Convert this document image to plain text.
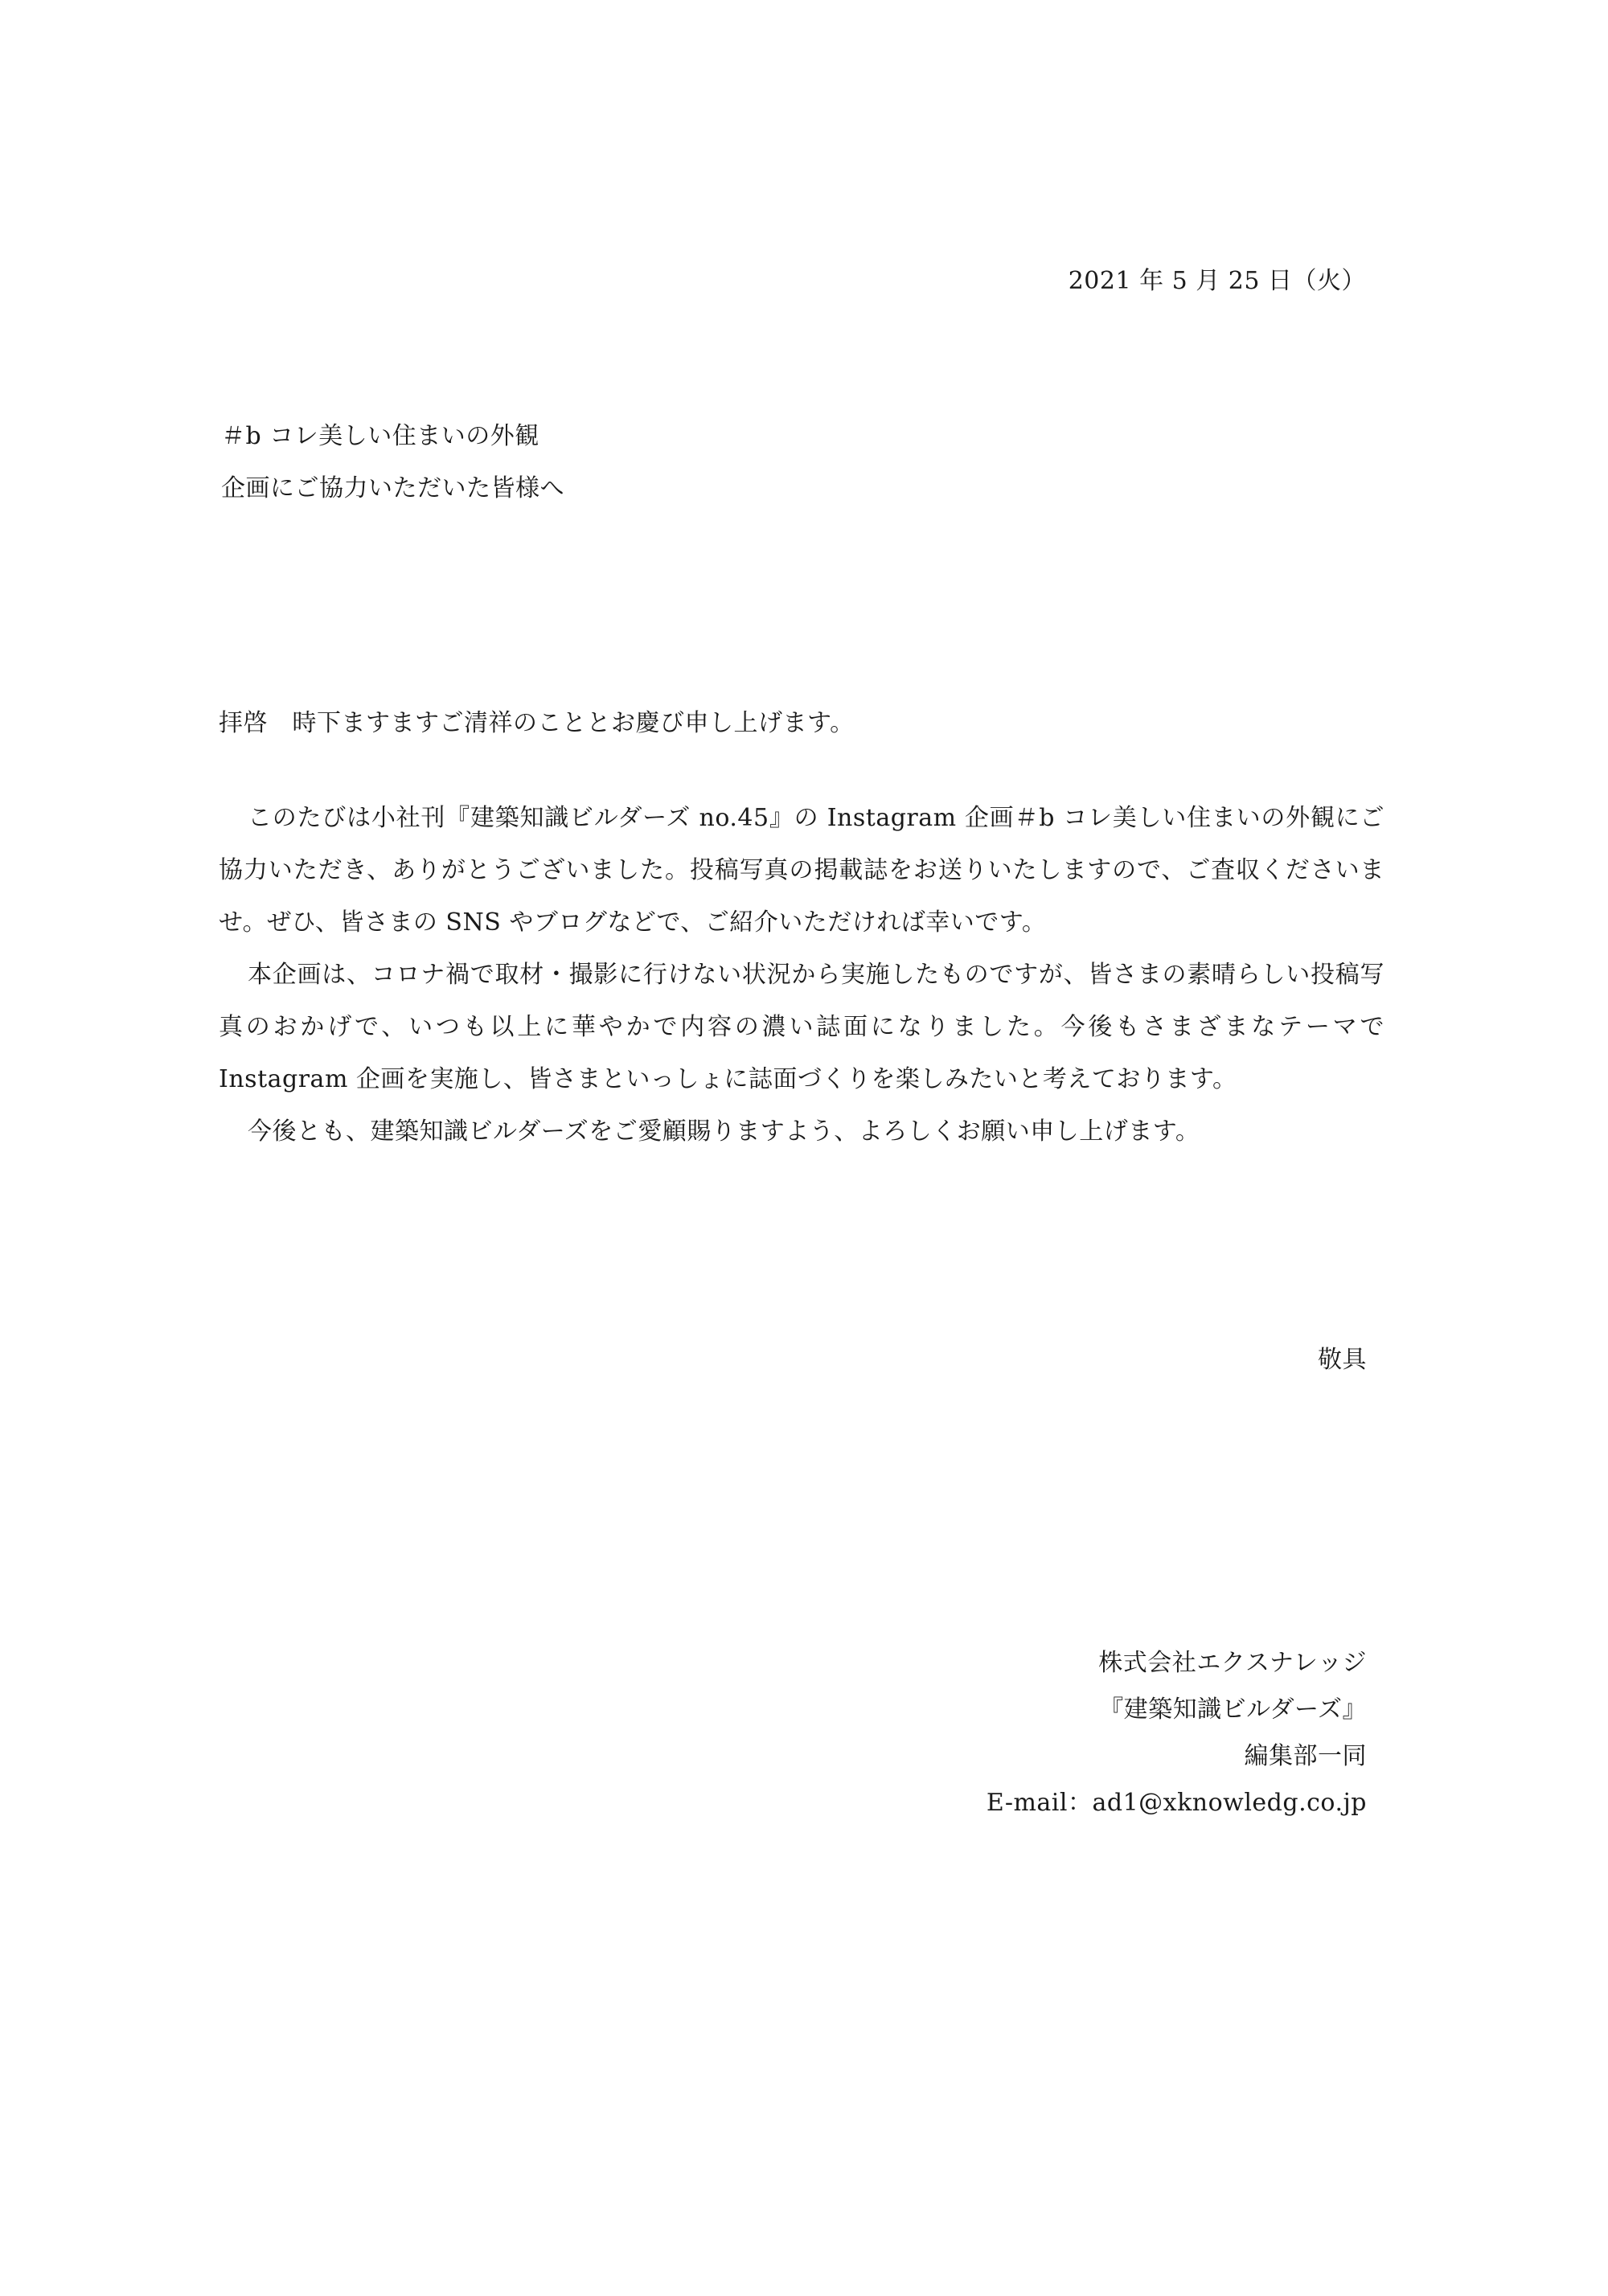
2021 年 5 月 25 日（火）
＃b コレ美しい住まいの外観
企画にご協力いただいた皆様へ
拝啓　時下ますますご清祥のこととお慶び申し上げます。

このたびは小社刊『建築知識ビルダーズ no.45』の Instagram 企画＃b コレ美しい住まいの外観にご協力いただき、ありがとうございました。投稿写真の掲載誌をお送りいたしますので、ご査収くださいませ。ぜひ、皆さまの SNS やブログなどで、ご紹介いただければ幸いです。

本企画は、コロナ禍で取材・撮影に行けない状況から実施したものですが、皆さまの素晴らしい投稿写真のおかげで、いつも以上に華やかで内容の濃い誌面になりました。今後もさまざまなテーマで Instagram 企画を実施し、皆さまといっしょに誌面づくりを楽しみたいと考えております。

今後とも、建築知識ビルダーズをご愛顧賜りますよう、よろしくお願い申し上げます。

敬具
株式会社エクスナレッジ
『建築知識ビルダーズ』
編集部一同
E-mail：ad1@xknowledg.co.jp
